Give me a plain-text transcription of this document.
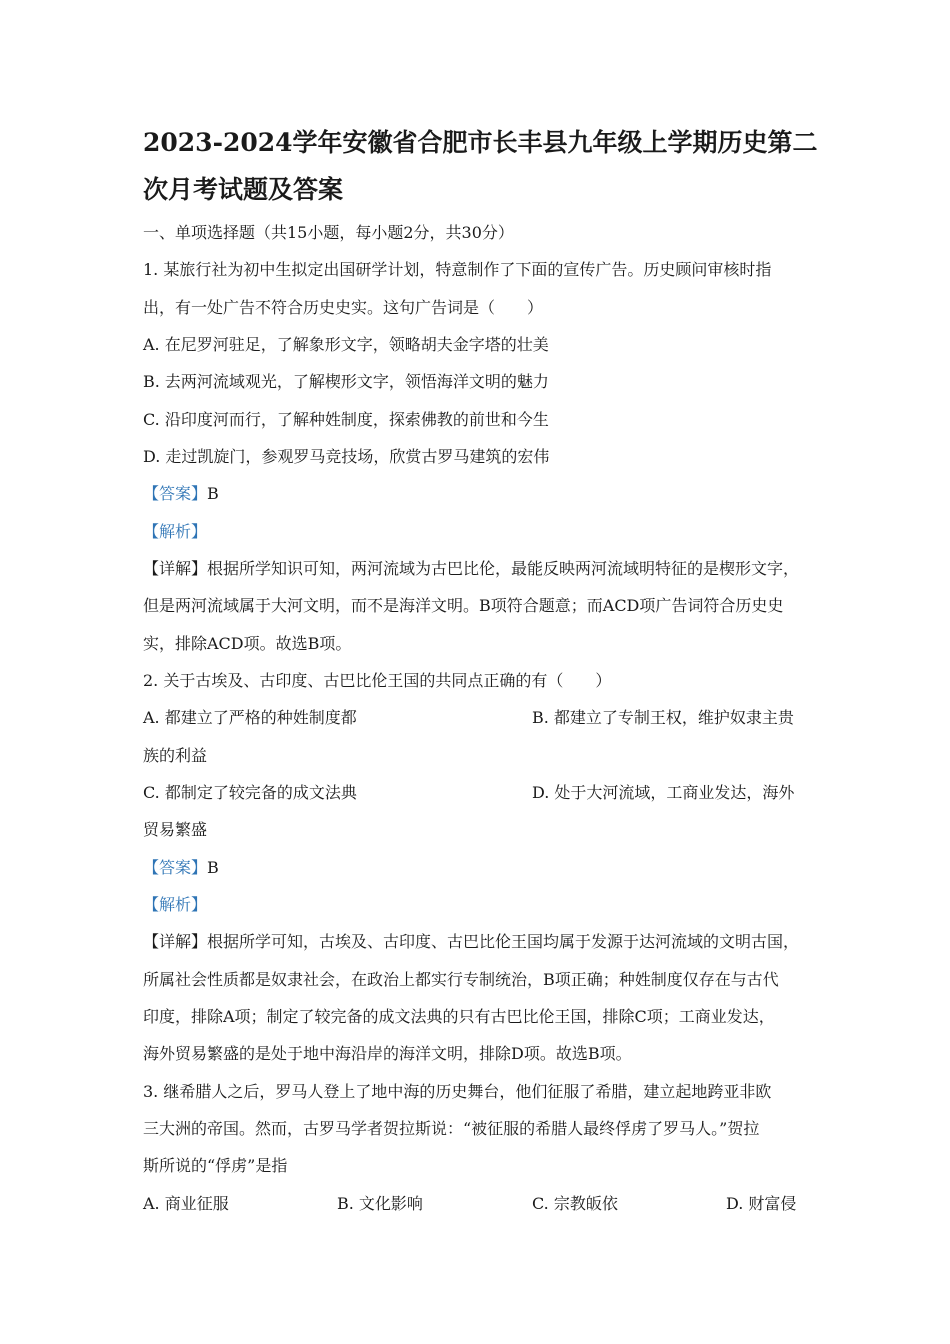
2023-2024学年安徽省合肥市长丰县九年级上学期历史第二
次月考试题及答案
一、单项选择题（共15小题，每小题2分，共30分）
1. 某旅行社为初中生拟定出国研学计划，特意制作了下面的宣传广告。历史顾问审核时指
出，有一处广告不符合历史史实。这句广告词是（　　）
A. 在尼罗河驻足，了解象形文字，领略胡夫金字塔的壮美
B. 去两河流域观光，了解楔形文字，领悟海洋文明的魅力
C. 沿印度河而行，了解种姓制度，探索佛教的前世和今生
D. 走过凯旋门，参观罗马竞技场，欣赏古罗马建筑的宏伟
【答案】B
【解析】
【详解】根据所学知识可知，两河流域为古巴比伦，最能反映两河流域明特征的是楔形文字，
但是两河流域属于大河文明，而不是海洋文明。B项符合题意；而ACD项广告词符合历史史
实，排除ACD项。故选B项。
2. 关于古埃及、古印度、古巴比伦王国的共同点正确的有（　　）
A. 都建立了严格的种姓制度都	B. 都建立了专制王权，维护奴隶主贵
族的利益
C. 都制定了较完备的成文法典	D. 处于大河流域，工商业发达，海外
贸易繁盛
【答案】B
【解析】
【详解】根据所学可知，古埃及、古印度、古巴比伦王国均属于发源于达河流域的文明古国，
所属社会性质都是奴隶社会，在政治上都实行专制统治，B项正确；种姓制度仅存在与古代
印度，排除A项；制定了较完备的成文法典的只有古巴比伦王国，排除C项；工商业发达，
海外贸易繁盛的是处于地中海沿岸的海洋文明，排除D项。故选B项。
3. 继希腊人之后，罗马人登上了地中海的历史舞台，他们征服了希腊，建立起地跨亚非欧
三大洲的帝国。然而，古罗马学者贺拉斯说：“被征服的希腊人最终俘虏了罗马人。”贺拉
斯所说的“俘虏”是指
A. 商业征服	B. 文化影响	C. 宗教皈依	D. 财富侵
